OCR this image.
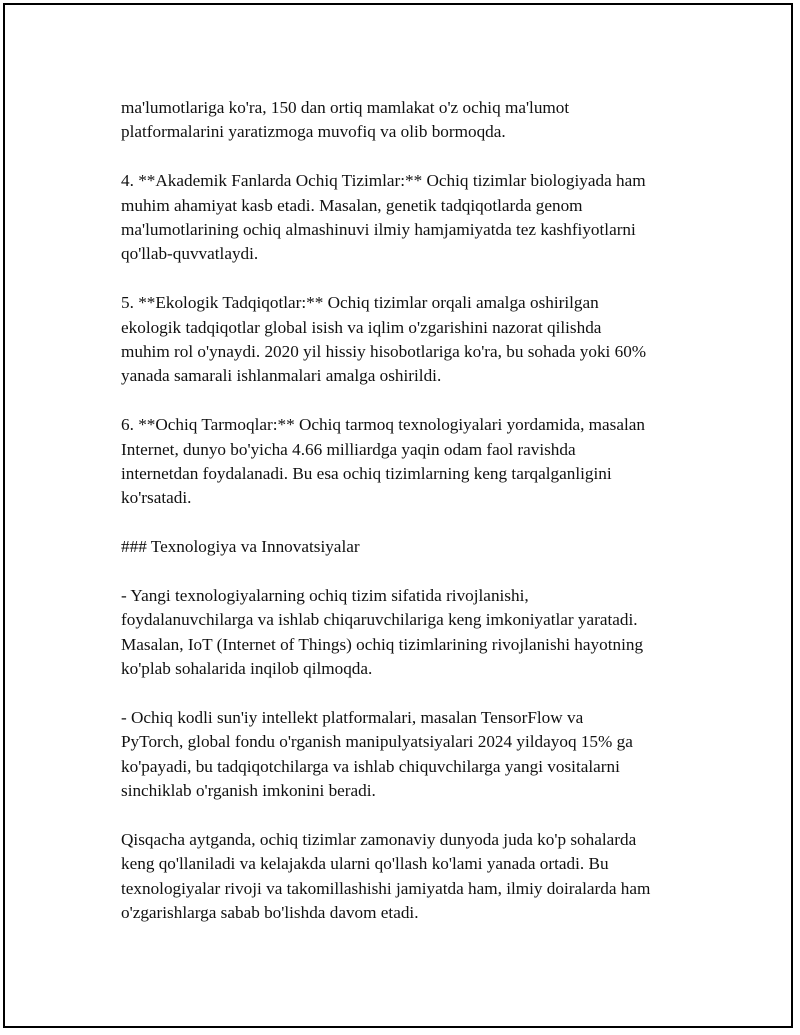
ma'lumotlariga ko'ra, 150 dan ortiq mamlakat o'z ochiq ma'lumot
platformalarini yaratizmoga muvofiq va olib bormoqda.

4. **Akademik Fanlarda Ochiq Tizimlar:** Ochiq tizimlar biologiyada ham
muhim ahamiyat kasb etadi. Masalan, genetik tadqiqotlarda genom
ma'lumotlarining ochiq almashinuvi ilmiy hamjamiyatda tez kashfiyotlarni
qo'llab-quvvatlaydi.

5. **Ekologik Tadqiqotlar:** Ochiq tizimlar orqali amalga oshirilgan
ekologik tadqiqotlar global isish va iqlim o'zgarishini nazorat qilishda
muhim rol o'ynaydi. 2020 yil hissiy hisobotlariga ko'ra, bu sohada yoki 60%
yanada samarali ishlanmalari amalga oshirildi.

6. **Ochiq Tarmoqlar:** Ochiq tarmoq texnologiyalari yordamida, masalan
Internet, dunyo bo'yicha 4.66 milliardga yaqin odam faol ravishda
internetdan foydalanadi. Bu esa ochiq tizimlarning keng tarqalganligini
ko'rsatadi.

### Texnologiya va Innovatsiyalar

- Yangi texnologiyalarning ochiq tizim sifatida rivojlanishi,
foydalanuvchilarga va ishlab chiqaruvchilariga keng imkoniyatlar yaratadi.
Masalan, IoT (Internet of Things) ochiq tizimlarining rivojlanishi hayotning
ko'plab sohalarida inqilob qilmoqda.

- Ochiq kodli sun'iy intellekt platformalari, masalan TensorFlow va
PyTorch, global fondu o'rganish manipulyatsiyalari 2024 yildayoq 15% ga
ko'payadi, bu tadqiqotchilarga va ishlab chiquvchilarga yangi vositalarni
sinchiklab o'rganish imkonini beradi.

Qisqacha aytganda, ochiq tizimlar zamonaviy dunyoda juda ko'p sohalarda
keng qo'llaniladi va kelajakda ularni qo'llash ko'lami yanada ortadi. Bu
texnologiyalar rivoji va takomillashishi jamiyatda ham, ilmiy doiralarda ham
o'zgarishlarga sabab bo'lishda davom etadi.
